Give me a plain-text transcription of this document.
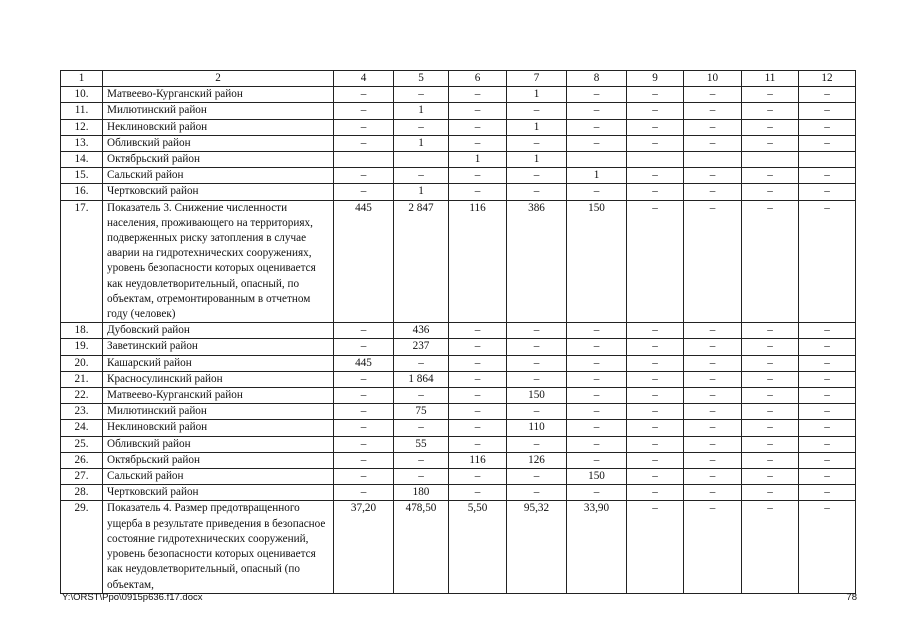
1	2	4	5	6	7	8	9	10	11	12
10.	Матвеево-Курганский район	–	–	–	1	–	–	–	–	–
11.	Милютинский район	–	1	–	–	–	–	–	–	–
12.	Неклиновский район	–	–	–	1	–	–	–	–	–
13.	Обливский район	–	1	–	–	–	–	–	–	–
14.	Октябрьский район			1	1					
15.	Сальский район	–	–	–	–	1	–	–	–	–
16.	Чертковский район	–	1	–	–	–	–	–	–	–
17.	Показатель 3. Снижение численности населения, проживающего на территориях, подверженных риску затопления в случае аварии на гидротехнических сооружениях, уровень безопасности которых оценивается как неудовлетворительный, опасный, по объектам, отремонтированным в отчетном году (человек)	445	2 847	116	386	150	–	–	–	–
18.	Дубовский район	–	436	–	–	–	–	–	–	–
19.	Заветинский район	–	237	–	–	–	–	–	–	–
20.	Кашарский район	445	–	–	–	–	–	–	–	–
21.	Красносулинский район	–	1 864	–	–	–	–	–	–	–
22.	Матвеево-Курганский район	–	–	–	150	–	–	–	–	–
23.	Милютинский район	–	75	–	–	–	–	–	–	–
24.	Неклиновский район	–	–	–	110	–	–	–	–	–
25.	Обливский район	–	55	–	–	–	–	–	–	–
26.	Октябрьский район	–	–	116	126	–	–	–	–	–
27.	Сальский район	–	–	–	–	150	–	–	–	–
28.	Чертковский район	–	180	–	–	–	–	–	–	–
29.	Показатель 4. Размер предотвращенного ущерба в результате приведения в безопасное состояние гидротехнических сооружений, уровень безопасности которых оценивается как неудовлетворительный, опасный (по объектам,	37,20	478,50	5,50	95,32	33,90	–	–	–	–
Y:\ORST\Ppo\0915p636.f17.docx	78
